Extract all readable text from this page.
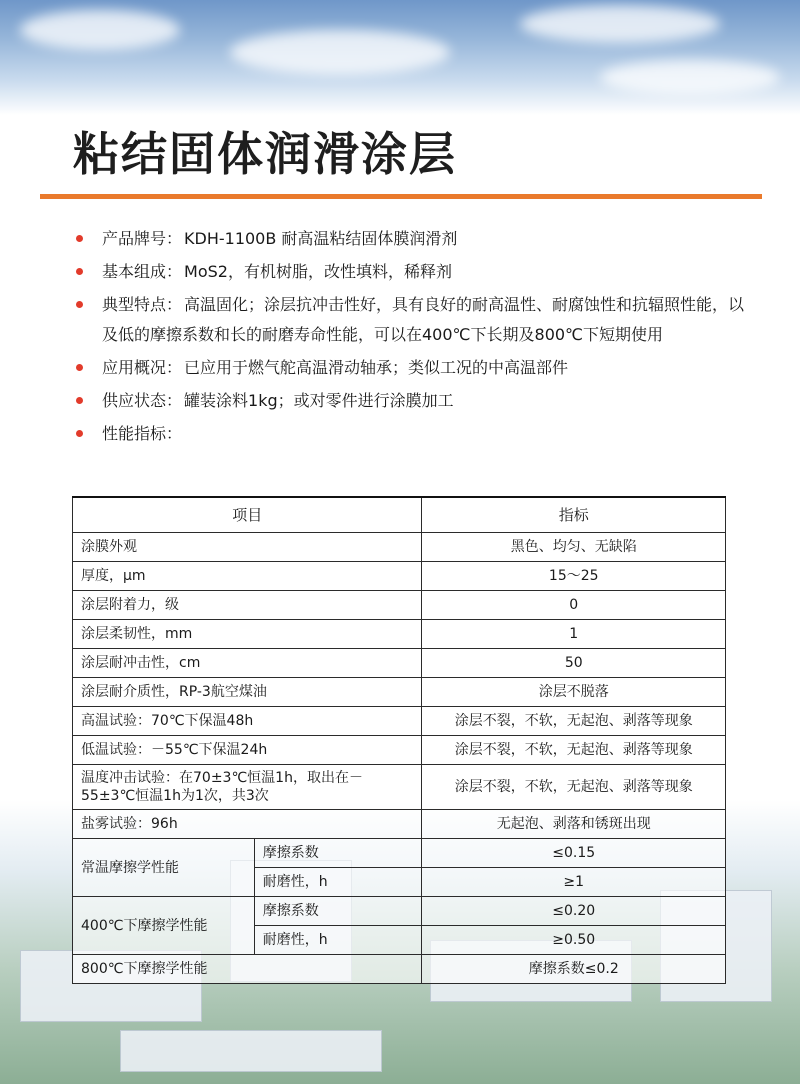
粘结固体润滑涂层
产品牌号： KDH-1100B 耐高温粘结固体膜润滑剂
基本组成： MoS2，有机树脂，改性填料，稀释剂
典型特点： 高温固化；涂层抗冲击性好，具有良好的耐高温性、耐腐蚀性和抗辐照性能，以及低的摩擦系数和长的耐磨寿命性能，可以在400℃下长期及800℃下短期使用
应用概况： 已应用于燃气舵高温滑动轴承；类似工况的中高温部件
供应状态： 罐装涂料1kg；或对零件进行涂膜加工
性能指标：
项目		指标
涂膜外观		黑色、均匀、无缺陷
厚度，μm		15～25
涂层附着力，级		0
涂层柔韧性，mm		1
涂层耐冲击性，cm		50
涂层耐介质性，RP-3航空煤油		涂层不脱落
高温试验：70℃下保温48h		涂层不裂，不软，无起泡、剥落等现象
低温试验：－55℃下保温24h		涂层不裂，不软，无起泡、剥落等现象
温度冲击试验：在70±3℃恒温1h，取出在－55±3℃恒温1h为1次，共3次		涂层不裂，不软，无起泡、剥落等现象
盐雾试验：96h		无起泡、剥落和锈斑出现
常温摩擦学性能	摩擦系数	≤0.15
	耐磨性，h	≥1
400℃下摩擦学性能	摩擦系数	≤0.20
	耐磨性，h	≥0.50
800℃下摩擦学性能		摩擦系数≤0.2
